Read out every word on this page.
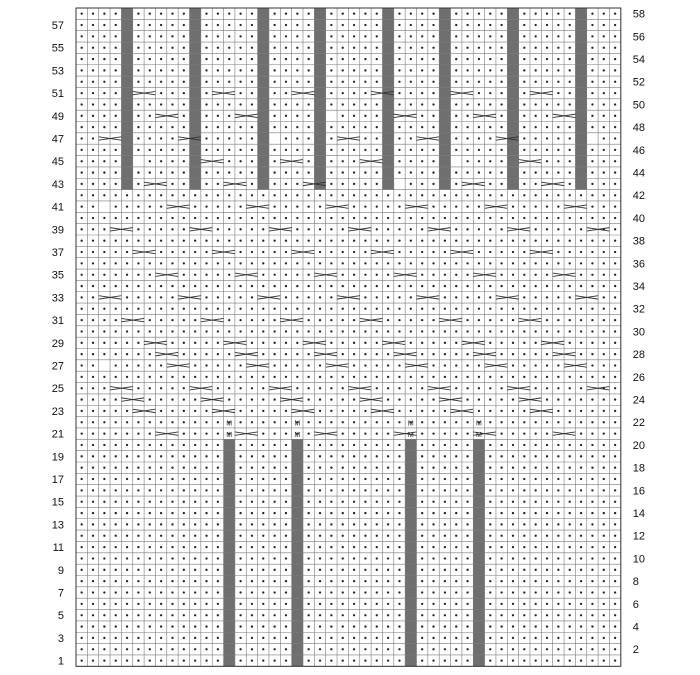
M
M
M
M
M
M
M
M
57
55
53
51
49
47
45
43
41
39
37
35
33
31
29
27
25
23
21
19
17
15
13
11
9
7
5
3
1
58
56
54
52
50
48
46
44
42
40
38
36
34
32
30
28
26
24
22
20
18
16
14
12
10
8
6
4
2
